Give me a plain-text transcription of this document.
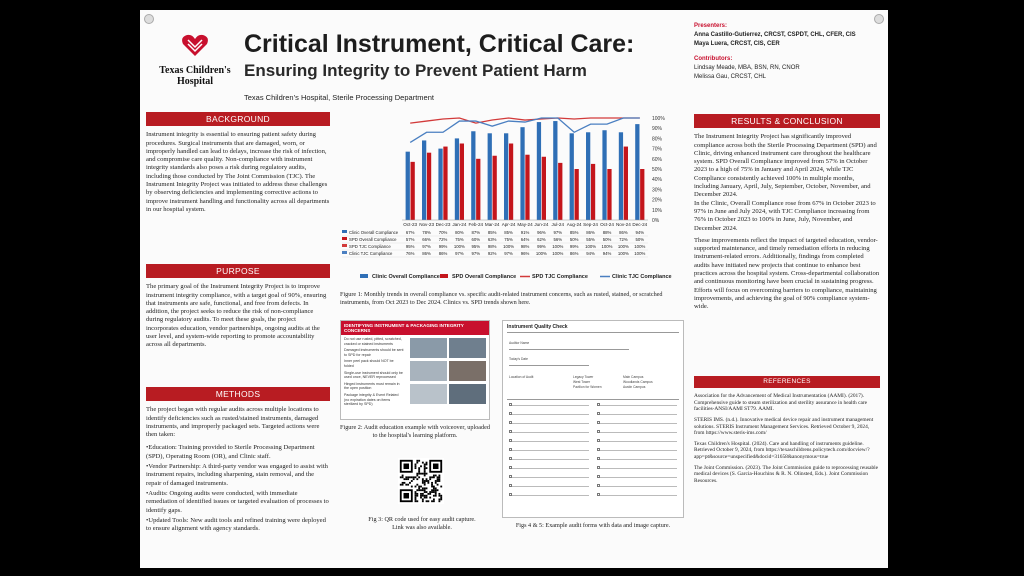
Texas Children's
Hospital
Critical Instrument, Critical Care:
Ensuring Integrity to Prevent Patient Harm
Texas Children’s Hospital, Sterile Processing Department
Presenters:
Anna Castillo-Gutierrez, CRCST, CSPDT, CHL, CFER, CIS
Maya Luera, CRCST, CIS, CER
Contributors:
Lindsay Meade, MBA, BSN, RN, CNOR
Melissa Gau, CRCST, CHL
BACKGROUND
Instrument integrity is essential to ensuring patient safety during procedures. Surgical instruments that are damaged, worn, or improperly handled can lead to delays, increase the risk of infection, and compromise care quality. Non-compliance with instrument integrity standards also poses a risk during regulatory audits, including those conducted by The Joint Commission (TJC). The Instrument Integrity Project was initiated to address these challenges by observing deficiencies and implementing corrective actions to improve instrument handling and functionality across all departments in our hospital system.
PURPOSE
The primary goal of the Instrument Integrity Project is to improve instrument integrity compliance, with a target goal of 90%, ensuring that instruments are safe, functional, and free from defects. In addition, the project seeks to reduce the risk of non-compliance during regulatory audits. To meet these goals, the project incorporates education, vendor partnerships, ongoing audits at the user level, and system-wide reporting to promote accountability across all departments.
METHODS
The project began with regular audits across multiple locations to identify deficiencies such as rusted/stained instruments, damaged instruments, and improperly packaged sets. Targeted actions were then taken:
•Education: Training provided to Sterile Processing Department (SPD), Operating Room (OR), and Clinic staff.
•Vendor Partnership: A third-party vendor was engaged to assist with instrument repairs, including sharpening, stain removal, and the repair of damaged instruments.
•Audits: Ongoing audits were conducted, with immediate remediation of identified issues or targeted evaluation of processes to identify gaps.
•Updated Tools: New audit tools and refined training were deployed to ensure alignment with agency standards.
0%
10%
20%
30%
40%
50%
60%
70%
80%
90%
100%
Oct-23 Nov-23 Dec-23 Jan-24 Feb-24 Mar-24 Apr-24 May-24 Jun-24 Jul-24 Aug-24 Sep-24 Oct-24 Nov-24 Dec-24
Clinic Overall Compliance 67% 78% 70% 80% 87% 85% 85% 91% 96% 97% 85% 86% 88% 86% 94%
SPD Overall Compliance 57% 66% 72% 75% 60% 63% 75% 64% 62% 56% 50% 55% 50% 72% 50%
SPD TJC Compliance	95% 97% 99% 100% 95% 98% 100% 98% 99% 100% 99% 100% 100% 100% 100%
Clinic TJC Compliance	76% 86% 86% 97% 97% 92% 97% 96% 100% 100% 86% 94% 94% 100% 100%
Clinic Overall Compliance SPD Overall Compliance	SPD TJC Compliance	Clinic TJC Compliance
Figure 1: Monthly trends in overall compliance vs. specific audit-related instrument concerns, such as rusted, stained, or scratched instruments, from Oct 2023 to Dec 2024. Clinics vs. SPD trends shown here.
IDENTIFYING INSTRUMENT & PACKAGING INTEGRITY CONCERNS
Do not use rusted, pitted, scratched, cracked or stained instruments
Damaged instruments should be sent to SPD for repair
Inner peel pack should NOT be folded
Single-use instrument should only be used once, NEVER reprocessed
Hinged instruments must remain in the open position
Package integrity & Event Related (no expiration dates on items sterilized by SPD)
Figure 2: Audit education example with voiceover, uploaded to the hospital's learning platform.
Fig 3: QR code used for easy audit capture. Link was also available.
Instrument Quality Check
Auditor Name
Today's Date
Location of Audit	Legacy Tower
West Tower
Main Campus
Woodlands Campus
Pavilion for Women	Austin Campus
Figs 4 & 5: Example audit forms with data and image capture.
RESULTS & CONCLUSION
The Instrument Integrity Project has significantly improved compliance across both the Sterile Processing Department (SPD) and Clinic, driving enhanced instrument care throughout the healthcare system. SPD Overall Compliance improved from 57% in October 2023 to a high of 75% in January and April 2024, while TJC Compliance consistently achieved 100% in multiple months, including January, April, July, September, October, November, and December 2024.
In the Clinic, Overall Compliance rose from 67% in October 2023 to 97% in June and July 2024, with TJC Compliance increasing from 76% in October 2023 to 100% in June, July, November, and December 2024.
These improvements reflect the impact of targeted education, vendor-supported maintenance, and timely remediation efforts in reducing instrument-related errors. Additionally, findings from completed audits have initiated new projects that continue to enhance best practices across the hospital system. Cross-departmental collaboration and continuous monitoring have been crucial in sustaining progress. Efforts will focus on overcoming barriers to compliance, maintaining improvements, and achieving the goal of 90% compliance system-wide.
REFERENCES

Association for the Advancement of Medical Instrumentation (AAMI). (2017). Comprehensive guide to steam sterilization and sterility assurance in health care facilities-ANSI/AAMI ST79. AAMI.

STERIS IMS. (n.d.). Innovative medical device repair and instrument management solutions. STERIS Instrument Management Services. Retrieved October 9, 2024, from https://www.steris-ims.com/

Texas Children's Hospital. (2024). Care and handling of instruments guideline. Retrieved October 9, 2024, from https://texaschildrens.policytech.com/docview/?app=pt&source=unspecified&docid=31658&anonymous=true

The Joint Commission. (2023). The Joint Commission guide to reprocessing reusable medical devices (S. Garcia-Houchins & R. N. Olinsted, Eds.). Joint Commission Resources.
